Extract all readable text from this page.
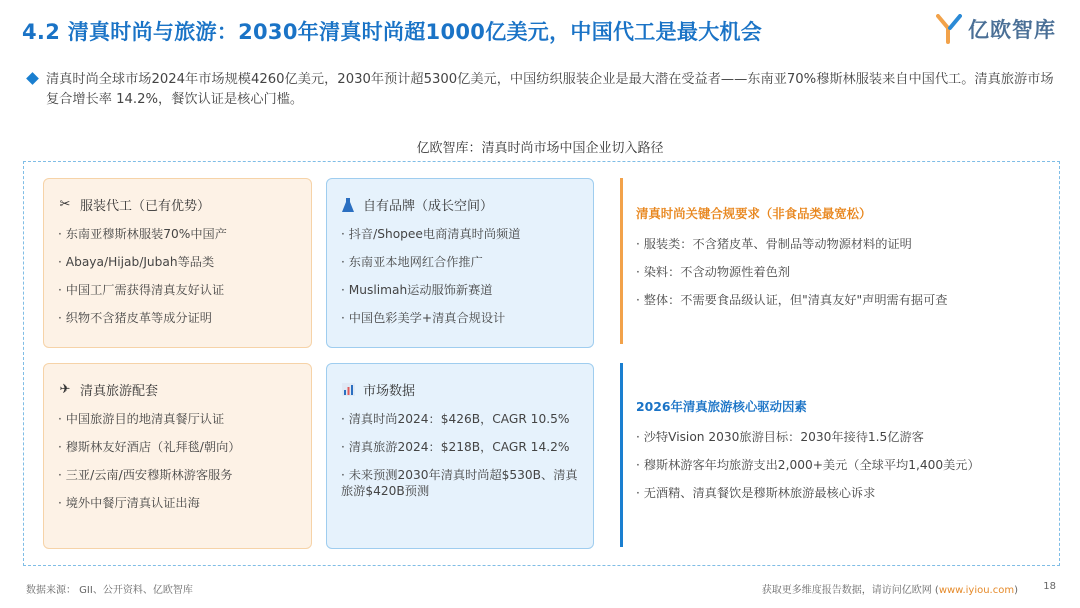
4.2 清真时尚与旅游：2030年清真时尚超1000亿美元，中国代工是最大机会	亿欧智库
清真时尚全球市场2024年市场规模4260亿美元，2030年预计超5300亿美元，中国纺织服装企业是最大潜在受益者——东南亚70%穆斯林服装来自中国代工。清真旅游市场复合增长率 14.2%，餐饮认证是核心门槛。
亿欧智库：清真时尚市场中国企业切入路径
✂ 服装代工（已有优势）
· 东南亚穆斯林服装70%中国产
· Abaya/Hijab/Jubah等品类
· 中国工厂需获得清真友好认证
· 织物不含猪皮革等成分证明
自有品牌（成长空间）
· 抖音/Shopee电商清真时尚频道
· 东南亚本地网红合作推广
· Muslimah运动服饰新赛道
· 中国色彩美学+清真合规设计
✈ 清真旅游配套
· 中国旅游目的地清真餐厅认证
· 穆斯林友好酒店（礼拜毯/朝向）
· 三亚/云南/西安穆斯林游客服务
· 境外中餐厅清真认证出海
市场数据
· 清真时尚2024：$426B，CAGR 10.5%
· 清真旅游2024：$218B，CAGR 14.2%
· 未来预测2030年清真时尚超$530B、清真旅游$420B预测
清真时尚关键合规要求（非食品类最宽松）
· 服装类：不含猪皮革、骨制品等动物源材料的证明
· 染料：不含动物源性着色剂
· 整体：不需要食品级认证，但"清真友好"声明需有据可查
2026年清真旅游核心驱动因素
· 沙特Vision 2030旅游目标：2030年接待1.5亿游客
· 穆斯林游客年均旅游支出2,000+美元（全球平均1,400美元）
· 无酒精、清真餐饮是穆斯林旅游最核心诉求
数据来源： GII、公开资料、亿欧智库	获取更多维度报告数据，请访问亿欧网 (www.iyiou.com)	18
